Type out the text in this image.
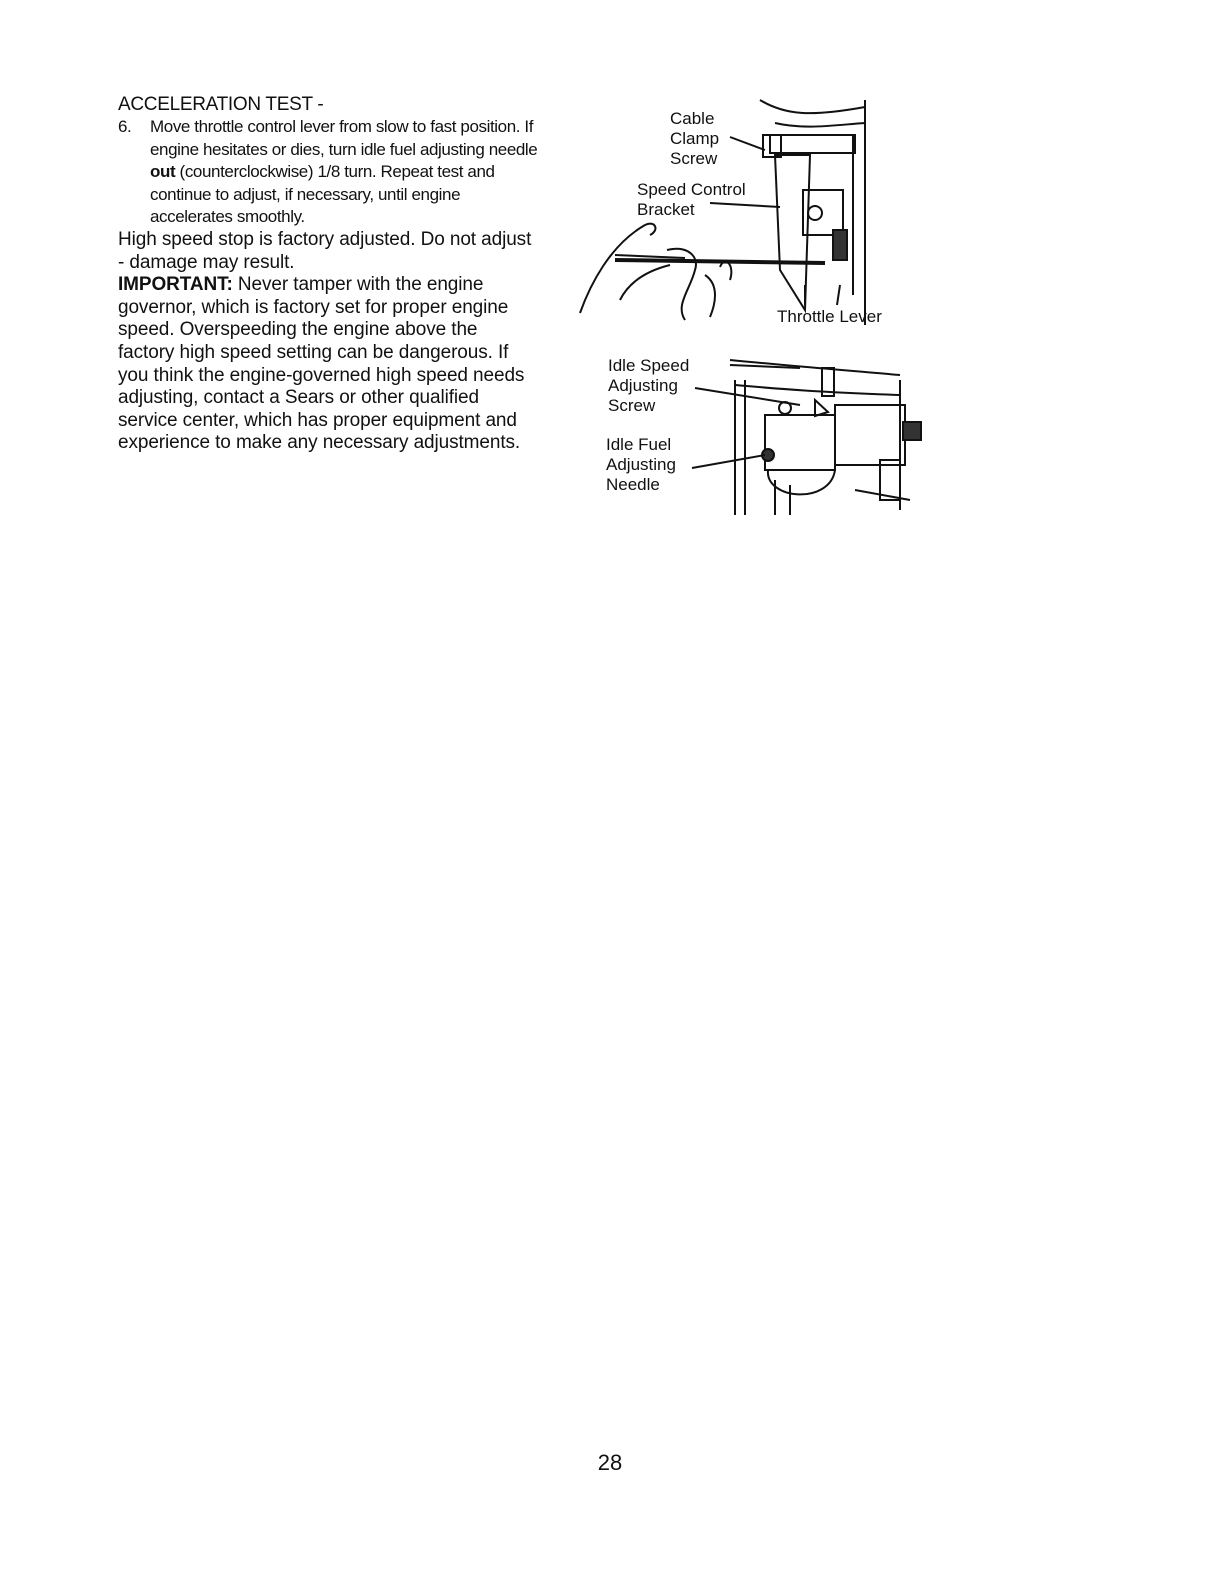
ACCELERATION TEST -

6.	Move throttle control lever from slow to fast position. If engine hesitates or dies, turn idle fuel adjusting needle out (counterclockwise) 1/8 turn. Repeat test and continue to adjust, if necessary, until engine accelerates smoothly.

High speed stop is factory adjusted. Do not adjust - damage may result.

IMPORTANT: Never tamper with the engine governor, which is factory set for proper engine speed. Overspeeding the engine above the factory high speed setting can be dangerous. If you think the engine-governed high speed needs adjusting, contact a Sears or other qualified service center, which has proper equipment and experience to make any necessary adjustments.

Cable
Clamp
Screw
Speed Control
Bracket
Throttle Lever
Idle Speed
Adjusting
Screw
Idle Fuel
Adjusting
Needle
28
